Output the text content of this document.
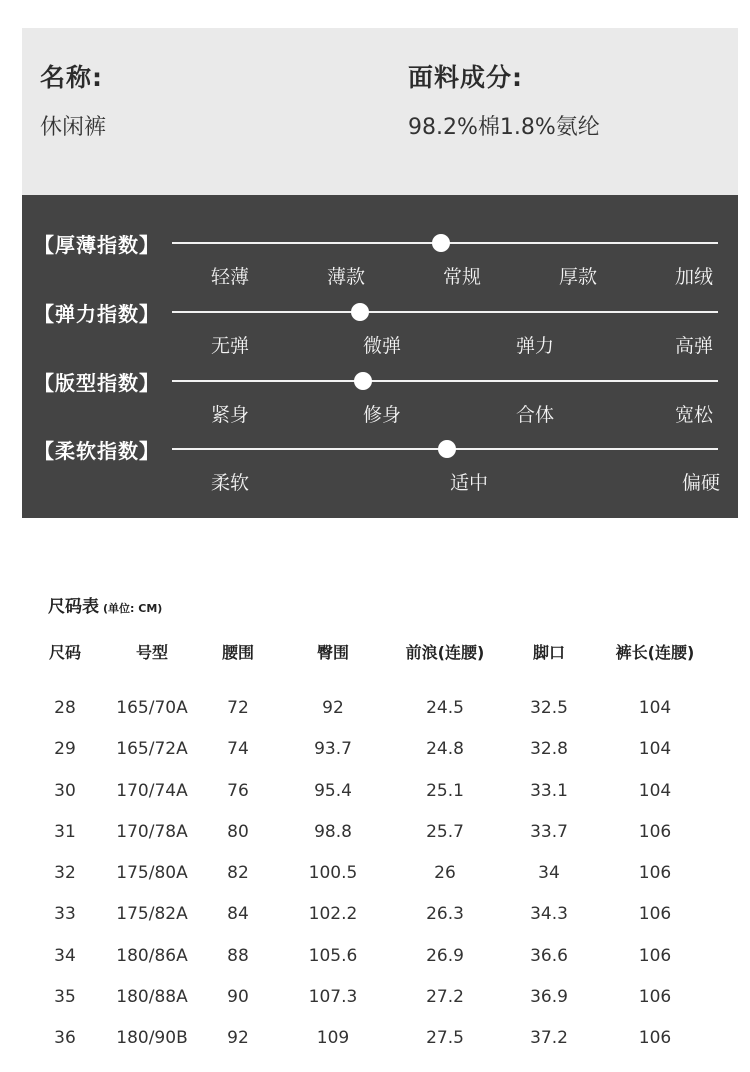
名称:
休闲裤
面料成分:
98.2%棉1.8%氨纶
【厚薄指数】
轻薄	薄款	常规	厚款	加绒
【弹力指数】
无弹	微弹	弹力	高弹
【版型指数】
紧身	修身	合体	宽松
【柔软指数】
柔软	适中	偏硬
尺码表 (单位: CM)
尺码	号型	腰围	臀围	前浪(连腰)	脚口	裤长(连腰)
28 165/70A 72	92	24.5	32.5	104
29 165/72A 74	93.7	24.8	32.8	104
30 170/74A 76	95.4	25.1	33.1	104
31 170/78A 80	98.8	25.7	33.7	106
32 175/80A 82	100.5	26	34	106
33 175/82A 84	102.2	26.3	34.3	106
34 180/86A 88	105.6	26.9	36.6	106
35 180/88A 90	107.3	27.2	36.9	106
36 180/90B 92	109	27.5	37.2	106
